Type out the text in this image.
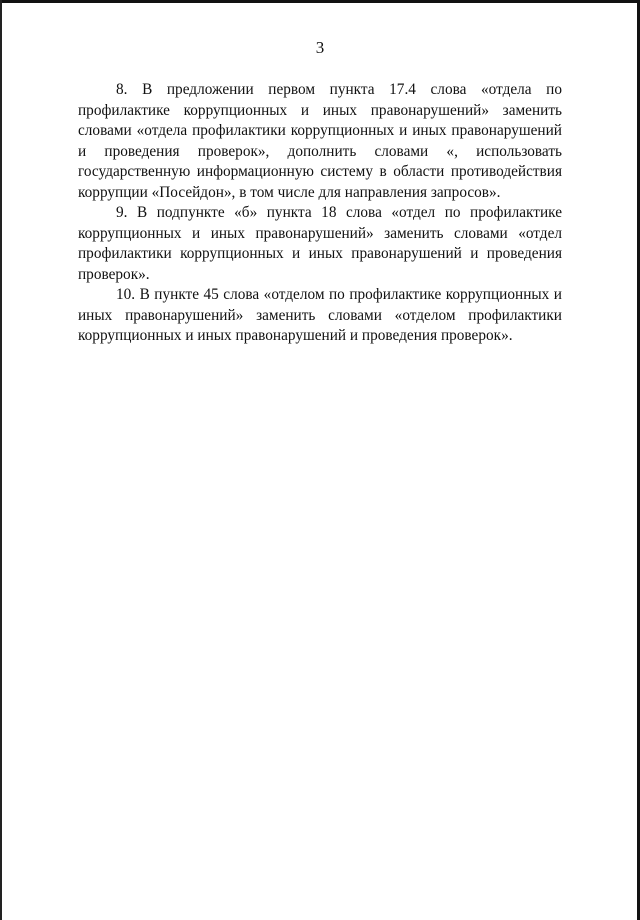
3

8. В предложении первом пункта 17.4 слова «отдела по профилактике коррупционных и иных правонарушений» заменить словами «отдела профилактики коррупционных и иных правонарушений и проведения проверок», дополнить словами «, использовать государственную информационную систему в области противодействия коррупции «Посейдон», в том числе для направления запросов».

9. В подпункте «б» пункта 18 слова «отдел по профилактике коррупционных и иных правонарушений» заменить словами «отдел профилактики коррупционных и иных правонарушений и проведения проверок».

10. В пункте 45 слова «отделом по профилактике коррупционных и иных правонарушений» заменить словами «отделом профилактики коррупционных и иных правонарушений и проведения проверок».
